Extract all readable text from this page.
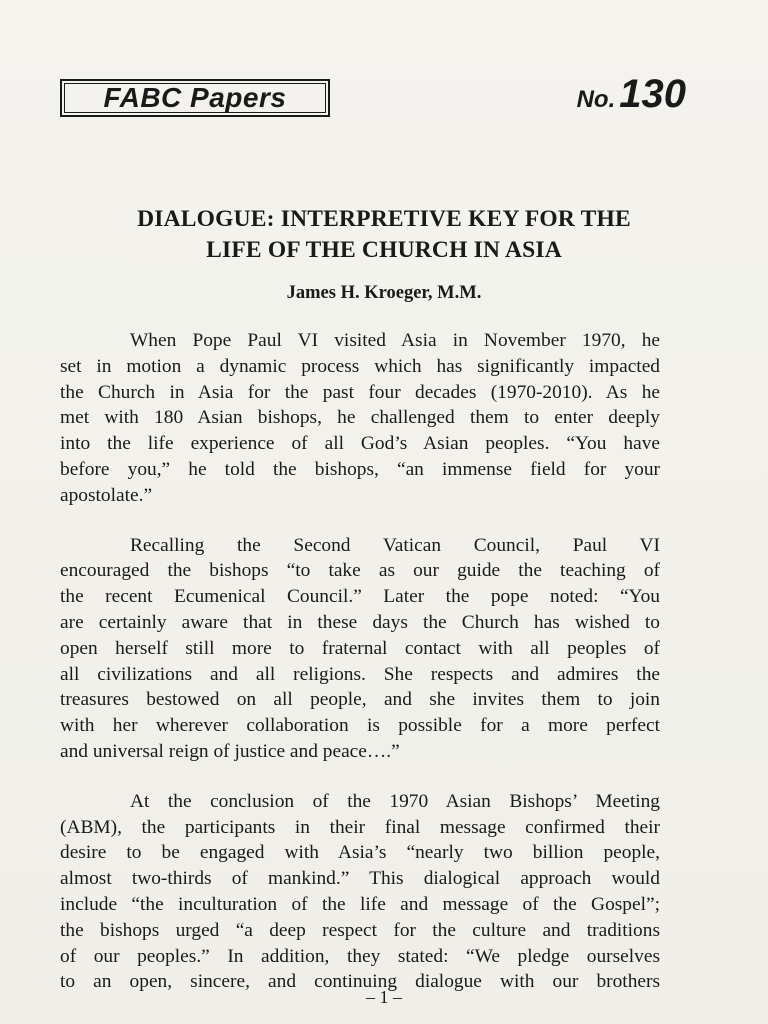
FABC Papers	No. 130
DIALOGUE: INTERPRETIVE KEY FOR THE
LIFE OF THE CHURCH IN ASIA
James H. Kroeger, M.M.
When Pope Paul VI visited Asia in November 1970, he
set in motion a dynamic process which has significantly impacted
the Church in Asia for the past four decades (1970-2010). As he
met with 180 Asian bishops, he challenged them to enter deeply
into the life experience of all God’s Asian peoples. “You have
before you,” he told the bishops, “an immense field for your
apostolate.”
Recalling the Second Vatican Council, Paul VI
encouraged the bishops “to take as our guide the teaching of
the recent Ecumenical Council.” Later the pope noted: “You
are certainly aware that in these days the Church has wished to
open herself still more to fraternal contact with all peoples of
all civilizations and all religions. She respects and admires the
treasures bestowed on all people, and she invites them to join
with her wherever collaboration is possible for a more perfect
and universal reign of justice and peace….”
At the conclusion of the 1970 Asian Bishops’ Meeting
(ABM), the participants in their final message confirmed their
desire to be engaged with Asia’s “nearly two billion people,
almost two-thirds of mankind.” This dialogical approach would
include “the inculturation of the life and message of the Gospel”;
the bishops urged “a deep respect for the culture and traditions
of our peoples.” In addition, they stated: “We pledge ourselves
to an open, sincere, and continuing dialogue with our brothers
– 1 –
